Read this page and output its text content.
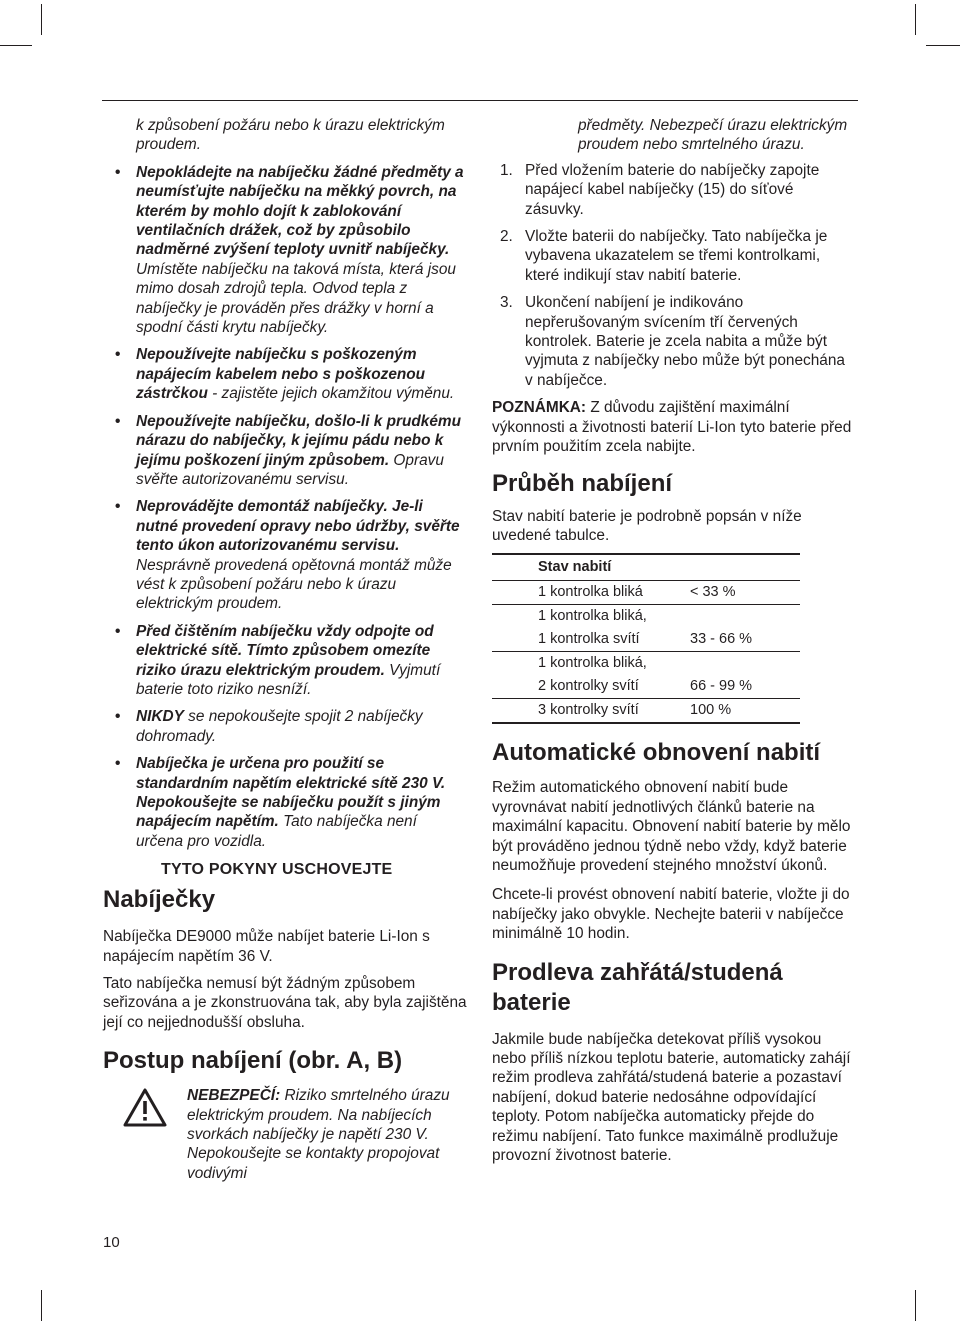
k způsobení požáru nebo k úrazu elektrickým proudem.
• Nepokládejte na nabíječku žádné předměty a neumísťujte nabíječku na měkký povrch, na kterém by mohlo dojít k zablokování ventilačních drážek, což by způsobilo nadměrné zvýšení teploty uvnitř nabíječky. Umístěte nabíječku na taková místa, která jsou mimo dosah zdrojů tepla. Odvod tepla z nabíječky je prováděn přes drážky v horní a spodní části krytu nabíječky.
• Nepoužívejte nabíječku s poškozeným napájecím kabelem nebo s poškozenou zástrčkou - zajistěte jejich okamžitou výměnu.
• Nepoužívejte nabíječku, došlo-li k prudkému nárazu do nabíječky, k jejímu pádu nebo k jejímu poškození jiným způsobem. Opravu svěřte autorizovanému servisu.
• Neprovádějte demontáž nabíječky. Je-li nutné provedení opravy nebo údržby, svěřte tento úkon autorizovanému servisu. Nesprávně provedená opětovná montáž může vést k způsobení požáru nebo k úrazu elektrickým proudem.
• Před čištěním nabíječku vždy odpojte od elektrické sítě. Tímto způsobem omezíte riziko úrazu elektrickým proudem. Vyjmutí baterie toto riziko nesníží.
• NIKDY se nepokoušejte spojit 2 nabíječky dohromady.
• Nabíječka je určena pro použití se standardním napětím elektrické sítě 230 V. Nepokoušejte se nabíječku použít s jiným napájecím napětím. Tato nabíječka není určena pro vozidla.
TYTO POKYNY USCHOVEJTE
Nabíječky

Nabíječka DE9000 může nabíjet baterie Li-Ion s napájecím napětím 36 V.

Tato nabíječka nemusí být žádným způsobem seřizována a je zkonstruována tak, aby byla zajištěna její co nejjednodušší obsluha.

Postup nabíjení (obr. A, B)
NEBEZPEČÍ: Riziko smrtelného úrazu elektrickým proudem. Na nabíjecích svorkách nabíječky je napětí 230 V. Nepokoušejte se kontakty propojovat vodivými
předměty. Nebezpečí úrazu elektrickým proudem nebo smrtelného úrazu.
1. Před vložením baterie do nabíječky zapojte napájecí kabel nabíječky (15) do síťové zásuvky.
2. Vložte baterii do nabíječky. Tato nabíječka je vybavena ukazatelem se třemi kontrolkami, které indikují stav nabití baterie.
3. Ukončení nabíjení je indikováno nepřerušovaným svícením tří červených kontrolek. Baterie je zcela nabita a může být vyjmuta z nabíječky nebo může být ponechána v nabíječce.

POZNÁMKA: Z důvodu zajištění maximální výkonnosti a životnosti baterií Li-Ion tyto baterie před prvním použitím zcela nabijte.

Průběh nabíjení

Stav nabití baterie je podrobně popsán v níže uvedené tabulce.

Stav nabití	
1 kontrolka bliká	< 33 %
1 kontrolka bliká,	
1 kontrolka svítí	33 - 66 %
1 kontrolka bliká,	
2 kontrolky svítí	66 - 99 %
3 kontrolky svítí	100 %
Automatické obnovení nabití

Režim automatického obnovení nabití bude vyrovnávat nabití jednotlivých článků baterie na maximální kapacitu. Obnovení nabití baterie by mělo být prováděno jednou týdně nebo vždy, když baterie neumožňuje provedení stejného množství úkonů.

Chcete-li provést obnovení nabití baterie, vložte ji do nabíječky jako obvykle. Nechejte baterii v nabíječce minimálně 10 hodin.

Prodleva zahřátá/studená baterie

Jakmile bude nabíječka detekovat příliš vysokou nebo příliš nízkou teplotu baterie, automaticky zahájí režim prodleva zahřátá/studená baterie a pozastaví nabíjení, dokud baterie nedosáhne odpovídající teploty. Potom nabíječka automaticky přejde do režimu nabíjení. Tato funkce maximálně prodlužuje provozní životnost baterie.

10
